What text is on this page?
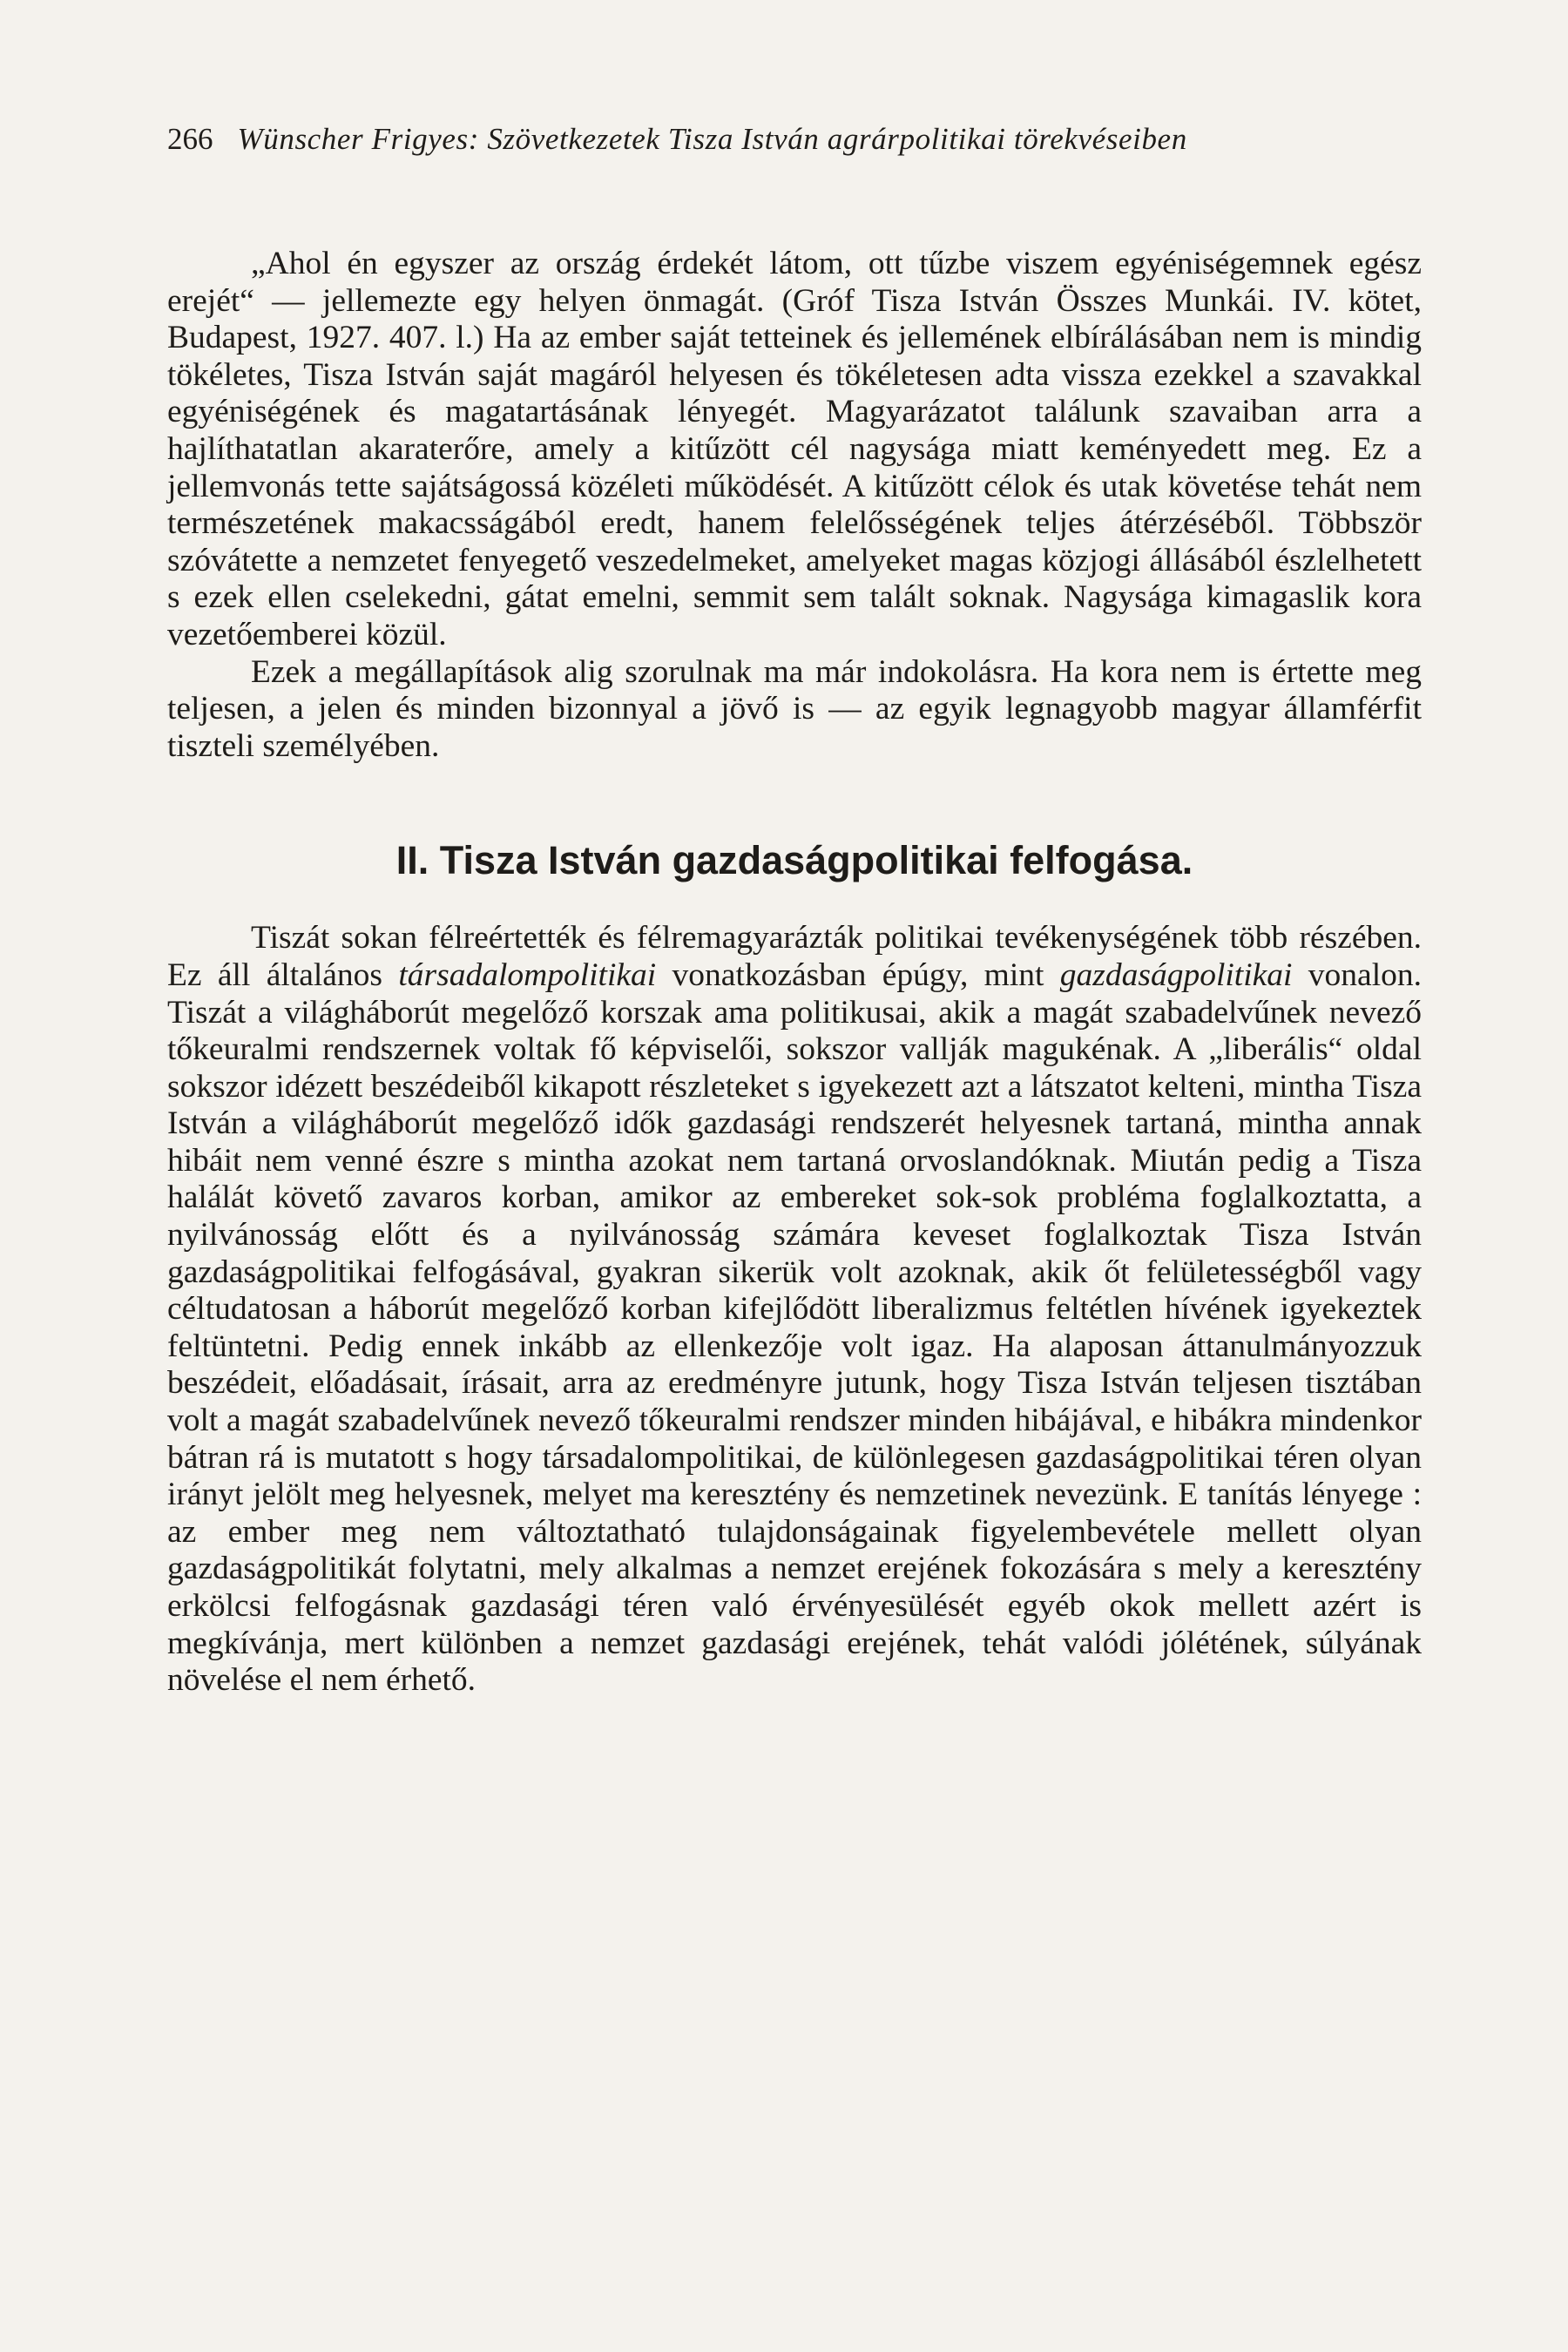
266 Wünscher Frigyes: Szövetkezetek Tisza István agrárpolitikai törekvéseiben

„Ahol én egyszer az ország érdekét látom, ott tűzbe viszem egyéniségemnek egész erejét“ — jellemezte egy helyen önmagát. (Gróf Tisza István Összes Munkái. IV. kötet, Budapest, 1927. 407. l.) Ha az ember saját tetteinek és jellemének elbírálásában nem is mindig tökéletes, Tisza István saját magáról helyesen és tökéletesen adta vissza ezekkel a szavakkal egyéniségének és magatartásának lényegét. Magyarázatot találunk szavaiban arra a hajlíthatatlan akaraterőre, amely a kitűzött cél nagysága miatt keményedett meg. Ez a jellemvonás tette sajátságossá közéleti működését. A kitűzött célok és utak követése tehát nem természetének makacsságából eredt, hanem felelősségének teljes átérzéséből. Többször szóvátette a nemzetet fenyegető veszedelmeket, amelyeket magas közjogi állásából észlelhetett s ezek ellen cselekedni, gátat emelni, semmit sem talált soknak. Nagysága kimagaslik kora vezetőemberei közül.

Ezek a megállapítások alig szorulnak ma már indokolásra. Ha kora nem is értette meg teljesen, a jelen és minden bizonnyal a jövő is — az egyik legnagyobb magyar államférfit tiszteli személyében.

II. Tisza István gazdaságpolitikai felfogása.

Tiszát sokan félreértették és félremagyarázták politikai tevékenységének több részében. Ez áll általános társadalompolitikai vonatkozásban épúgy, mint gazdaságpolitikai vonalon. Tiszát a világháborút megelőző korszak ama politikusai, akik a magát szabadelvűnek nevező tőkeuralmi rendszernek voltak fő képviselői, sokszor vallják magukénak. A „liberális“ oldal sokszor idézett beszédeiből kikapott részleteket s igyekezett azt a látszatot kelteni, mintha Tisza István a világháborút megelőző idők gazdasági rendszerét helyesnek tartaná, mintha annak hibáit nem venné észre s mintha azokat nem tartaná orvoslandóknak. Miután pedig a Tisza halálát követő zavaros korban, amikor az embereket sok-sok probléma foglalkoztatta, a nyilvánosság előtt és a nyilvánosság számára keveset foglalkoztak Tisza István gazdaságpolitikai felfogásával, gyakran sikerük volt azoknak, akik őt felületességből vagy céltudatosan a háborút megelőző korban kifejlődött liberalizmus feltétlen hívének igyekeztek feltüntetni. Pedig ennek inkább az ellenkezője volt igaz. Ha alaposan áttanulmányozzuk beszédeit, előadásait, írásait, arra az eredményre jutunk, hogy Tisza István teljesen tisztában volt a magát szabadelvűnek nevező tőkeuralmi rendszer minden hibájával, e hibákra mindenkor bátran rá is mutatott s hogy társadalompolitikai, de különlegesen gazdaságpolitikai téren olyan irányt jelölt meg helyesnek, melyet ma keresztény és nemzetinek nevezünk. E tanítás lényege : az ember meg nem változtatható tulajdonságainak figyelembevétele mellett olyan gazdaságpolitikát folytatni, mely alkalmas a nemzet erejének fokozására s mely a keresztény erkölcsi felfogásnak gazdasági téren való érvényesülését egyéb okok mellett azért is megkívánja, mert különben a nemzet gazdasági erejének, tehát valódi jólétének, súlyának növelése el nem érhető.
